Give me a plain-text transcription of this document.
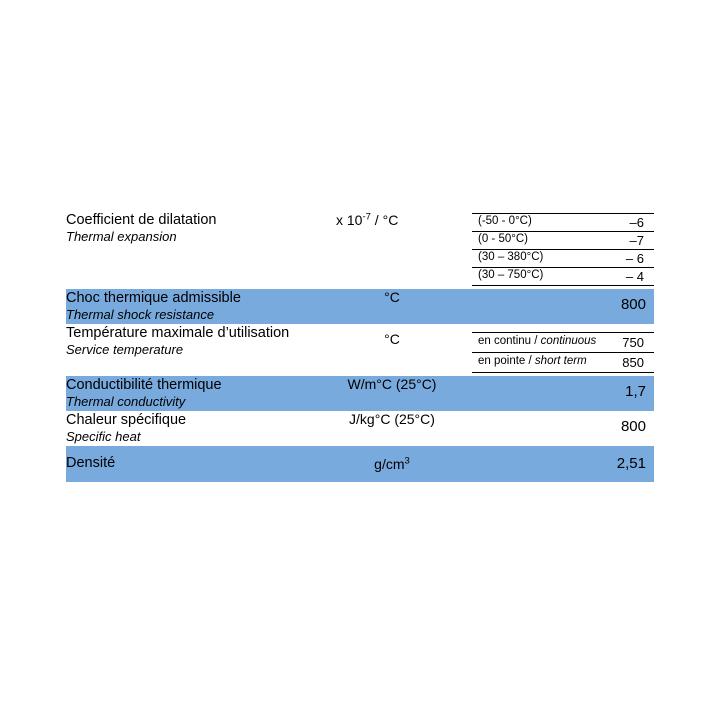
Coefficient de dilatation
Thermal expansion
	x $10^{-7} / ^\circ C$		(-50 - 0°C)	–6
(0 - 50°C)	–7
(30 – 380°C)	– 6
(30 – 750°C)	– 4

Choc thermique admissible
Thermal shock resistance
	°C	800

Température maximale d’utilisation
Service temperature
	°C		en continu / continuous	750
en pointe / short term	850

Conductibilité thermique
Thermal conductivity
	W/m°C (25°C)	1,7

Chaleur spécifique
Specific heat
	J/kg°C (25°C)	800

Densité	$g/cm^3$	2,51
